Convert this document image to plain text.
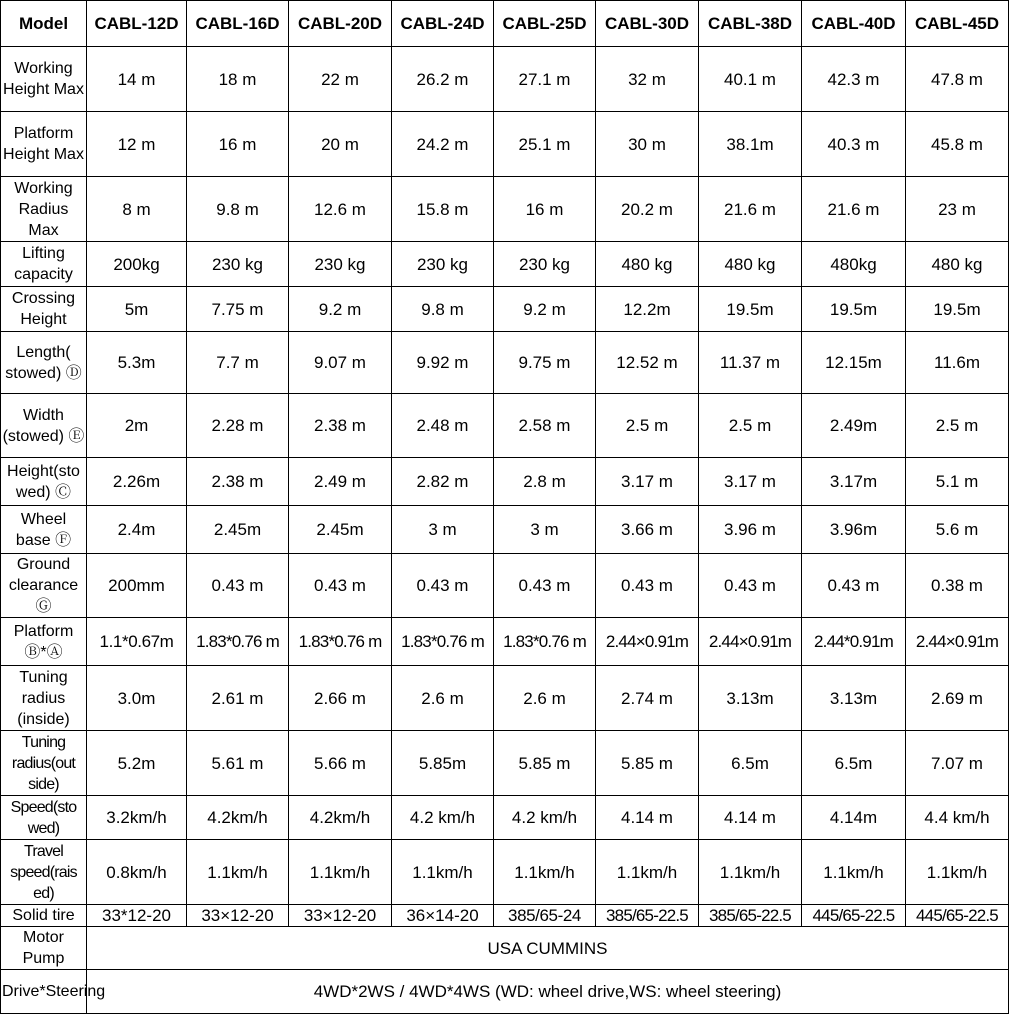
Model	CABL-12D	CABL-16D	CABL-20D	CABL-24D	CABL-25D	CABL-30D	CABL-38D	CABL-40D	CABL-45D
Working Height Max	14 m	18 m	22 m	26.2 m	27.1 m	32 m	40.1 m	42.3 m	47.8 m
Platform Height Max	12 m	16 m	20 m	24.2 m	25.1 m	30 m	38.1m	40.3 m	45.8 m
Working Radius Max	8 m	9.8 m	12.6 m	15.8 m	16 m	20.2 m	21.6 m	21.6 m	23 m
Lifting capacity	200kg	230 kg	230 kg	230 kg	230 kg	480 kg	480 kg	480kg	480 kg
Crossing Height	5m	7.75 m	9.2 m	9.8 m	9.2 m	12.2m	19.5m	19.5m	19.5m
Length( stowed) Ⓓ	5.3m	7.7 m	9.07 m	9.92 m	9.75 m	12.52 m	11.37 m	12.15m	11.6m
Width (stowed) Ⓔ	2m	2.28 m	2.38 m	2.48 m	2.58 m	2.5 m	2.5 m	2.49m	2.5 m
Height(sto wed) Ⓒ	2.26m	2.38 m	2.49 m	2.82 m	2.8 m	3.17 m	3.17 m	3.17m	5.1 m
Wheel base Ⓕ	2.4m	2.45m	2.45m	3 m	3 m	3.66 m	3.96 m	3.96m	5.6 m
Ground clearance Ⓖ	200mm	0.43 m	0.43 m	0.43 m	0.43 m	0.43 m	0.43 m	0.43 m	0.38 m
Platform Ⓑ*Ⓐ	1.1*0.67m	1.83*0.76 m	1.83*0.76 m	1.83*0.76 m	1.83*0.76 m	2.44×0.91m	2.44×0.91m	2.44*0.91m	2.44×0.91m
Tuning radius (inside)	3.0m	2.61 m	2.66 m	2.6 m	2.6 m	2.74 m	3.13m	3.13m	2.69 m
Tuning radius(out side)	5.2m	5.61 m	5.66 m	5.85m	5.85 m	5.85 m	6.5m	6.5m	7.07 m
Speed(sto wed)	3.2km/h	4.2km/h	4.2km/h	4.2 km/h	4.2 km/h	4.14 m	4.14 m	4.14m	4.4 km/h
Travel speed(rais ed)	0.8km/h	1.1km/h	1.1km/h	1.1km/h	1.1km/h	1.1km/h	1.1km/h	1.1km/h	1.1km/h
Solid tire	33*12-20	33×12-20	33×12-20	36×14-20	385/65-24	385/65-22.5	385/65-22.5	445/65-22.5	445/65-22.5
Motor Pump	USA CUMMINS								
Drive*Steering	4WD*2WS / 4WD*4WS (WD: wheel drive,WS: wheel steering)								
